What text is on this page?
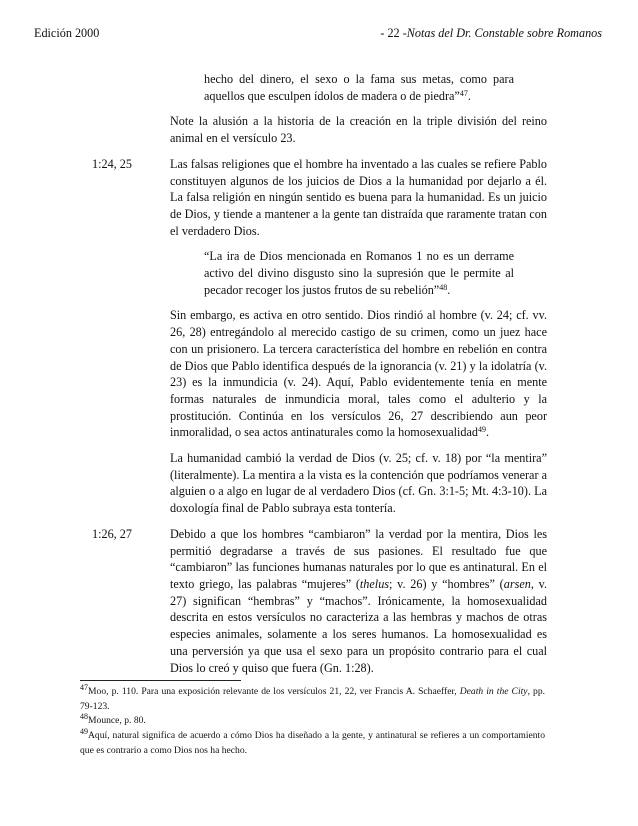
Edición 2000	- 22 -Notas del Dr. Constable sobre Romanos
hecho del dinero, el sexo o la fama sus metas, como para aquellos que esculpen ídolos de madera o de piedra”$^{47}$.
Note la alusión a la historia de la creación en la triple división del reino animal en el versículo 23.
1:24, 25	Las falsas religiones que el hombre ha inventado a las cuales se refiere Pablo constituyen algunos de los juicios de Dios a la humanidad por dejarlo a él. La falsa religión en ningún sentido es buena para la humanidad. Es un juicio de Dios, y tiende a mantener a la gente tan distraída que raramente tratan con el verdadero Dios.
“La ira de Dios mencionada en Romanos 1 no es un derrame activo del divino disgusto sino la supresión que le permite al pecador recoger los justos frutos de su rebelión”$^{48}$.
Sin embargo, es activa en otro sentido. Dios rindió al hombre (v. 24; cf. vv. 26, 28) entregándolo al merecido castigo de su crimen, como un juez hace con un prisionero. La tercera característica del hombre en rebelión en contra de Dios que Pablo identifica después de la ignorancia (v. 21) y la idolatría (v. 23) es la inmundicia (v. 24). Aquí, Pablo evidentemente tenía en mente formas naturales de inmundicia moral, tales como el adulterio y la prostitución. Continúa en los versículos 26, 27 describiendo aun peor inmoralidad, o sea actos antinaturales como la homosexualidad$^{49}$.
La humanidad cambió la verdad de Dios (v. 25; cf. v. 18) por “la mentira” (literalmente). La mentira a la vista es la contención que podríamos venerar a alguien o a algo en lugar de al verdadero Dios (cf. Gn. 3:1-5; Mt. 4:3-10). La doxología final de Pablo subraya esta tontería.
1:26, 27	Debido a que los hombres “cambiaron” la verdad por la mentira, Dios les permitió degradarse a través de sus pasiones. El resultado fue que “cambiaron” las funciones humanas naturales por lo que es antinatural. En el texto griego, las palabras “mujeres” (thelus; v. 26) y “hombres” (arsen, v. 27) significan “hembras” y “machos”. Irónicamente, la homosexualidad descrita en estos versículos no caracteriza a las hembras y machos de otras especies animales, solamente a los seres humanos. La homosexualidad es una perversión ya que usa el sexo para un propósito contrario para el cual Dios lo creó y quiso que fuera (Gn. 1:28).
$^{47}$Moo, p. 110. Para una exposición relevante de los versículos 21, 22, ver Francis A. Schaeffer, Death in the City, pp. 79-123.
$^{48}$Mounce, p. 80.
$^{49}$Aquí, natural significa de acuerdo a cómo Dios ha diseñado a la gente, y antinatural se refieres a un comportamiento que es contrario a como Dios nos ha hecho.
